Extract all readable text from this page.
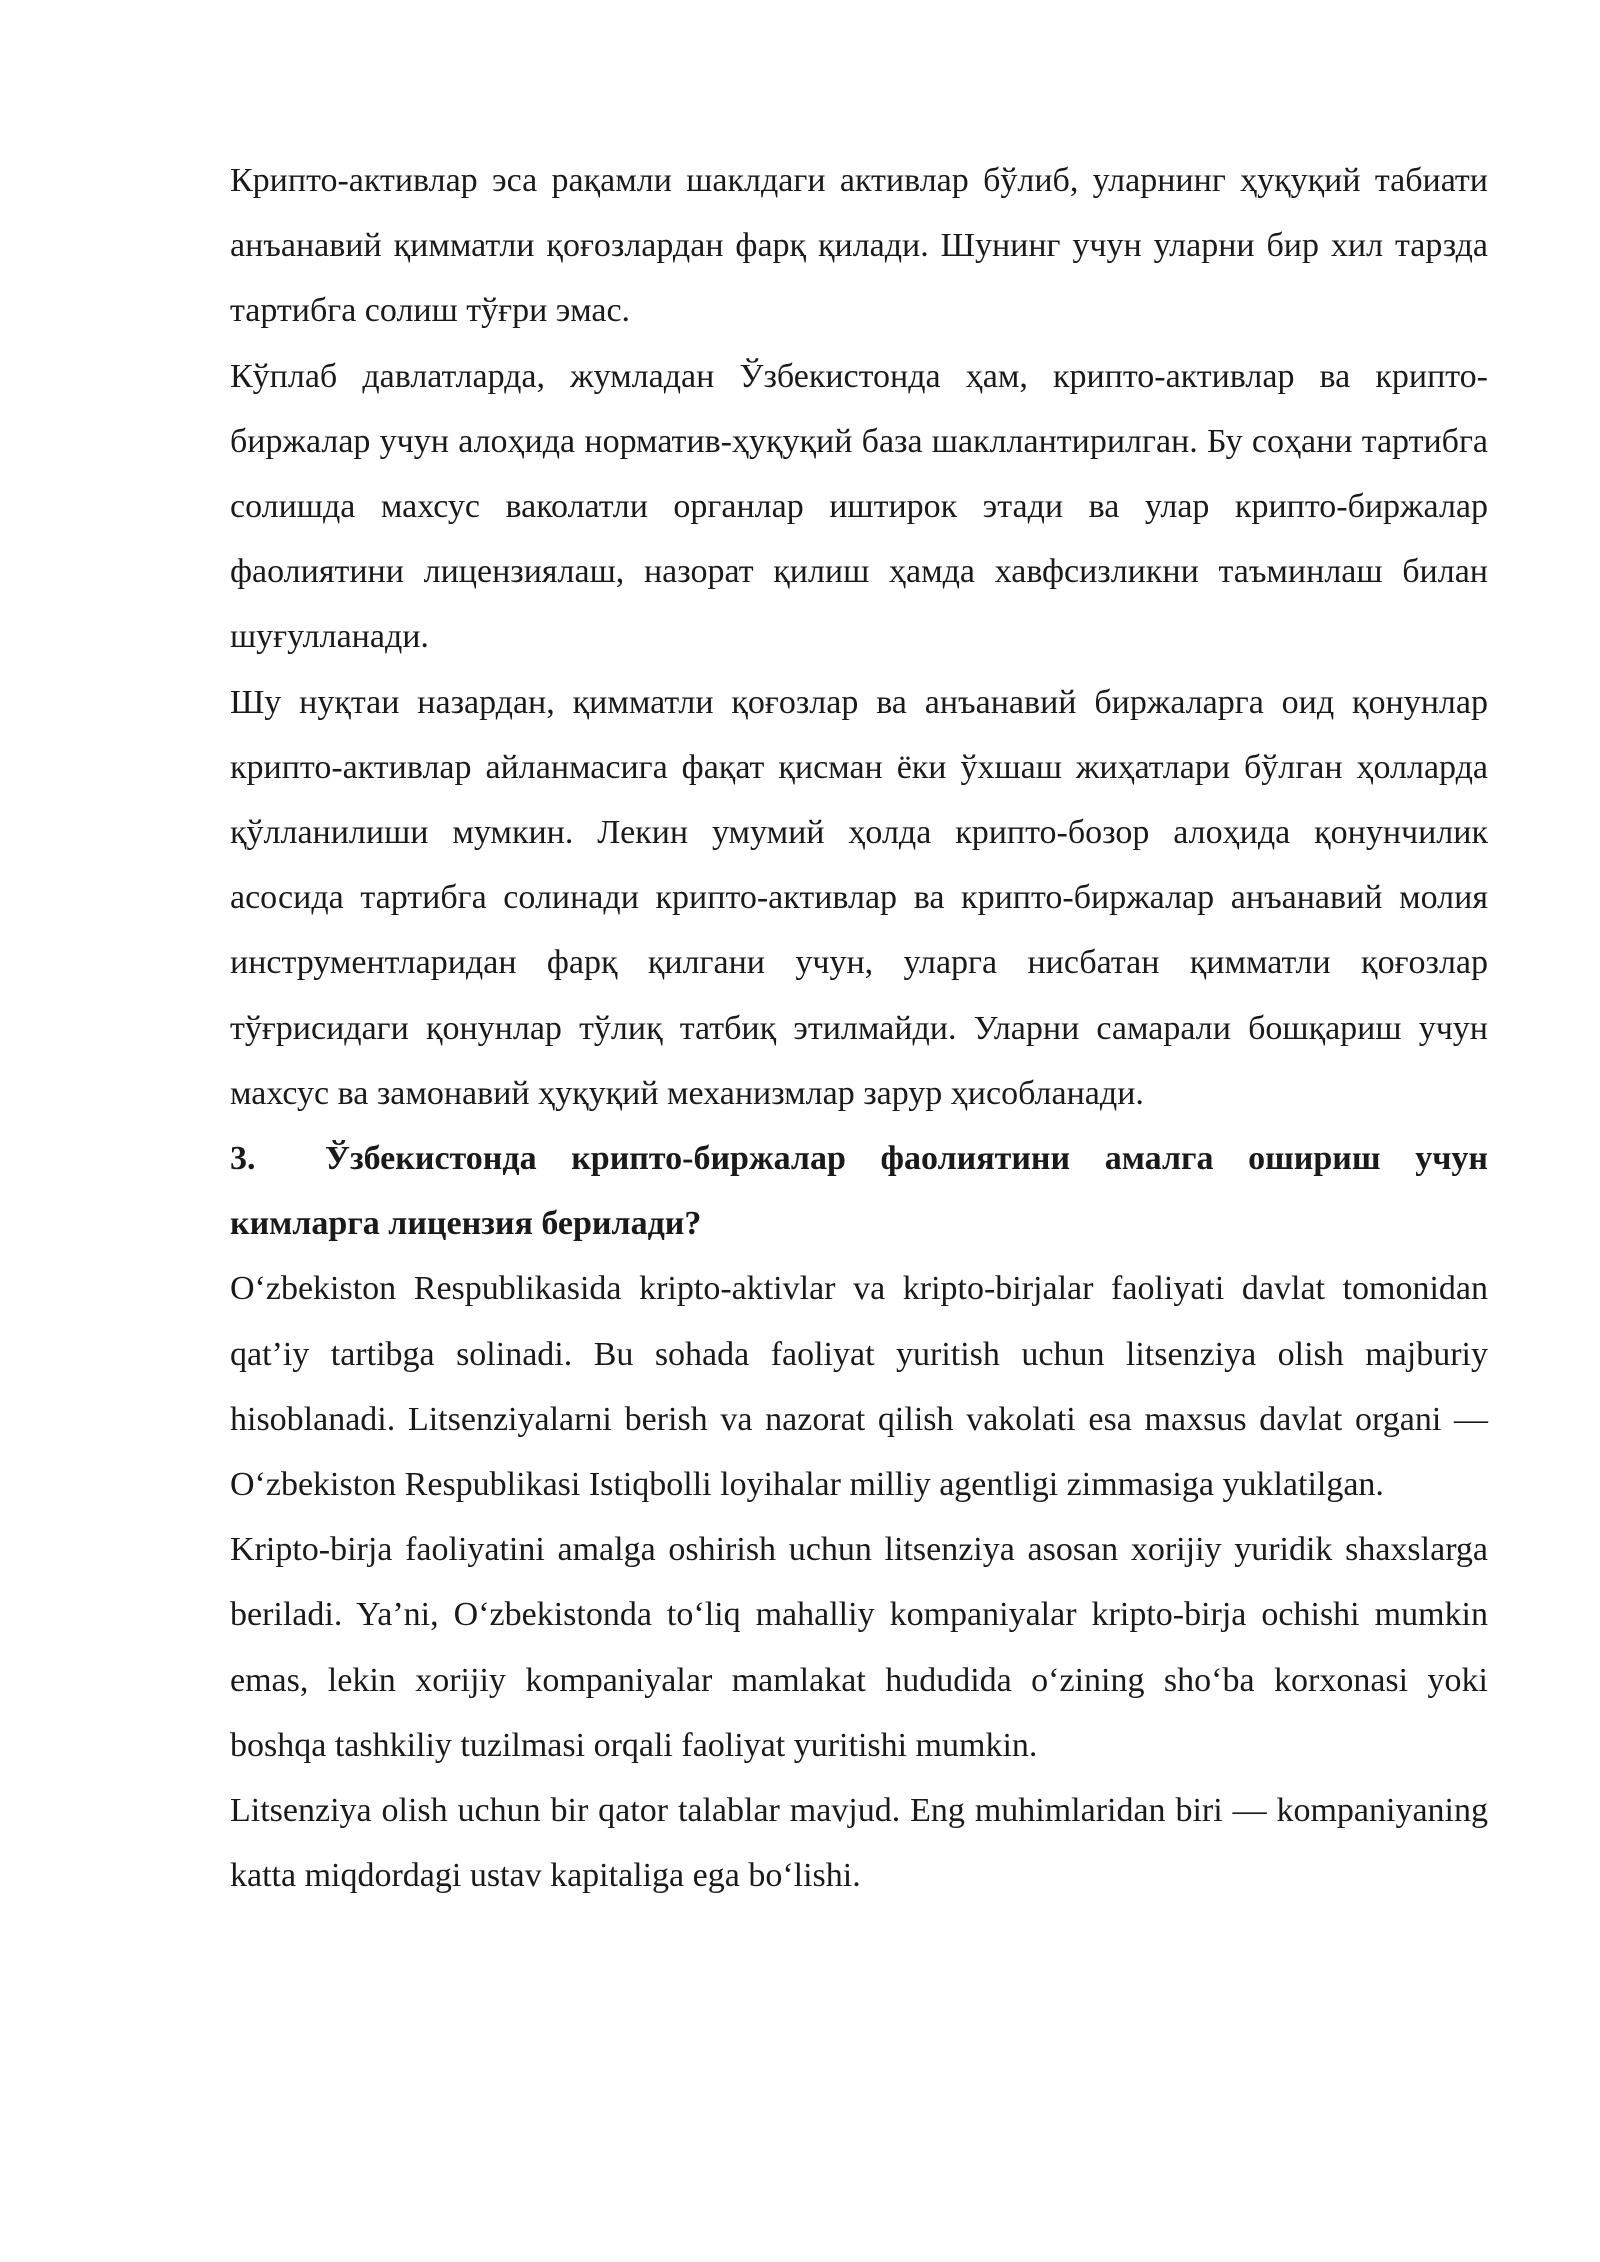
Крипто-активлар эса рақамли шаклдаги активлар бўлиб, уларнинг ҳуқуқий табиати анъанавий қимматли қоғозлардан фарқ қилади. Шунинг учун уларни бир хил тарзда тартибга солиш тўғри эмас.

Кўплаб давлатларда, жумладан Ўзбекистонда ҳам, крипто-активлар ва крипто-биржалар учун алоҳида норматив-ҳуқуқий база шакллантирилган. Бу соҳани тартибга солишда махсус ваколатли органлар иштирок этади ва улар крипто-биржалар фаолиятини лицензиялаш, назорат қилиш ҳамда хавфсизликни таъминлаш билан шуғулланади.

Шу нуқтаи назардан, қимматли қоғозлар ва анъанавий биржаларга оид қонунлар крипто-активлар айланмасига фақат қисман ёки ўхшаш жиҳатлари бўлган ҳолларда қўлланилиши мумкин. Лекин умумий ҳолда крипто-бозор алоҳида қонунчилик асосида тартибга солинади крипто-активлар ва крипто-биржалар анъанавий молия инструментларидан фарқ қилгани учун, уларга нисбатан қимматли қоғозлар тўғрисидаги қонунлар тўлиқ татбиқ этилмайди. Уларни самарали бошқариш учун махсус ва замонавий ҳуқуқий механизмлар зарур ҳисобланади.

3. Ўзбекистонда крипто-биржалар фаолиятини амалга ошириш учун кимларга лицензия берилади?

Oʻzbekiston Respublikasida kripto-aktivlar va kripto-birjalar faoliyati davlat tomonidan qat’iy tartibga solinadi. Bu sohada faoliyat yuritish uchun litsenziya olish majburiy hisoblanadi. Litsenziyalarni berish va nazorat qilish vakolati esa maxsus davlat organi — Oʻzbekiston Respublikasi Istiqbolli loyihalar milliy agentligi zimmasiga yuklatilgan.

Kripto-birja faoliyatini amalga oshirish uchun litsenziya asosan xorijiy yuridik shaxslarga beriladi. Ya’ni, Oʻzbekistonda toʻliq mahalliy kompaniyalar kripto-birja ochishi mumkin emas, lekin xorijiy kompaniyalar mamlakat hududida oʻzining shoʻba korxonasi yoki boshqa tashkiliy tuzilmasi orqali faoliyat yuritishi mumkin.

Litsenziya olish uchun bir qator talablar mavjud. Eng muhimlaridan biri — kompaniyaning katta miqdordagi ustav kapitaliga ega boʻlishi.
